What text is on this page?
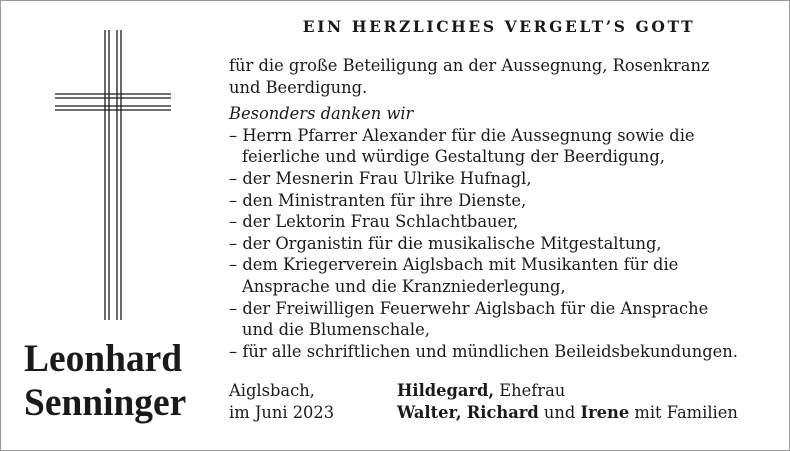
EIN HERZLICHES VERGELT’S GOTT

für die große Beteiligung an der Aussegnung, Rosenkranz
und Beerdigung.

Besonders danken wir

– Herrn Pfarrer Alexander für die Aussegnung sowie die
feierliche und würdige Gestaltung der Beerdigung,
– der Mesnerin Frau Ulrike Hufnagl,
– den Ministranten für ihre Dienste,
– der Lektorin Frau Schlachtbauer,
– der Organistin für die musikalische Mitgestaltung,
– dem Kriegerverein Aiglsbach mit Musikanten für die
Ansprache und die Kranzniederlegung,
– der Freiwilligen Feuerwehr Aiglsbach für die Ansprache
und die Blumenschale,
– für alle schriftlichen und mündlichen Beileidsbekundungen.
Leonhard
Senninger	Aiglsbach,
im Juni 2023
Hildegard, Ehefrau
Walter, Richard und Irene mit Familien
